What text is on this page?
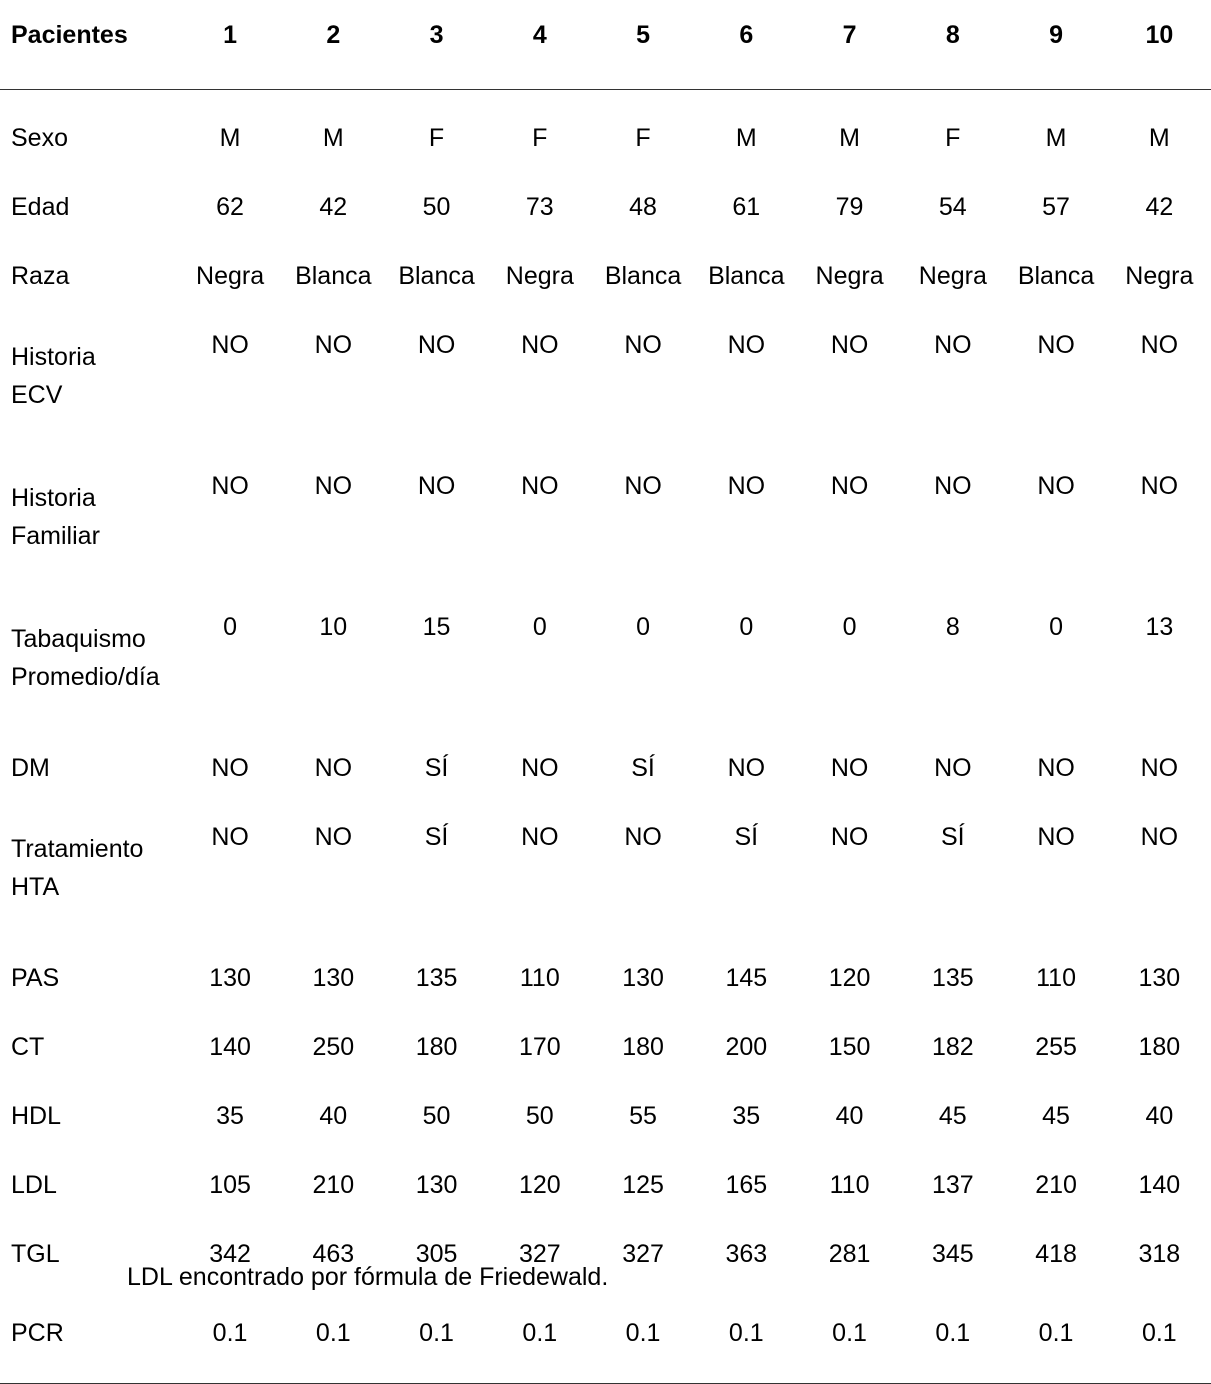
Pacientes	1	2	3	4	5	6	7	8	9	10
Sexo	M	M	F	F	F	M	M	F	M	M
Edad	62	42	50	73	48	61	79	54	57	42
Raza	Negra	Blanca	Blanca	Negra	Blanca	Blanca	Negra	Negra	Blanca	Negra

Historia
ECV	NO	NO	NO	NO	NO	NO	NO	NO	NO	NO

Historia
Familiar	NO	NO	NO	NO	NO	NO	NO	NO	NO	NO

Tabaquismo
Promedio/día	0	10	15	0	0	0	0	8	0	13
DM	NO	NO	SÍ	NO	SÍ	NO	NO	NO	NO	NO

Tratamiento
HTA	NO	NO	SÍ	NO	NO	SÍ	NO	SÍ	NO	NO
PAS	130	130	135	110	130	145	120	135	110	130
CT	140	250	180	170	180	200	150	182	255	180
HDL	35	40	50	50	55	35	40	45	45	40
LDL	105	210	130	120	125	165	110	137	210	140
TGL	342	463	305	327	327	363	281	345	418	318
PCR	0.1	0.1	0.1	0.1	0.1	0.1	0.1	0.1	0.1	0.1
LDL encontrado por fórmula de Friedewald.
